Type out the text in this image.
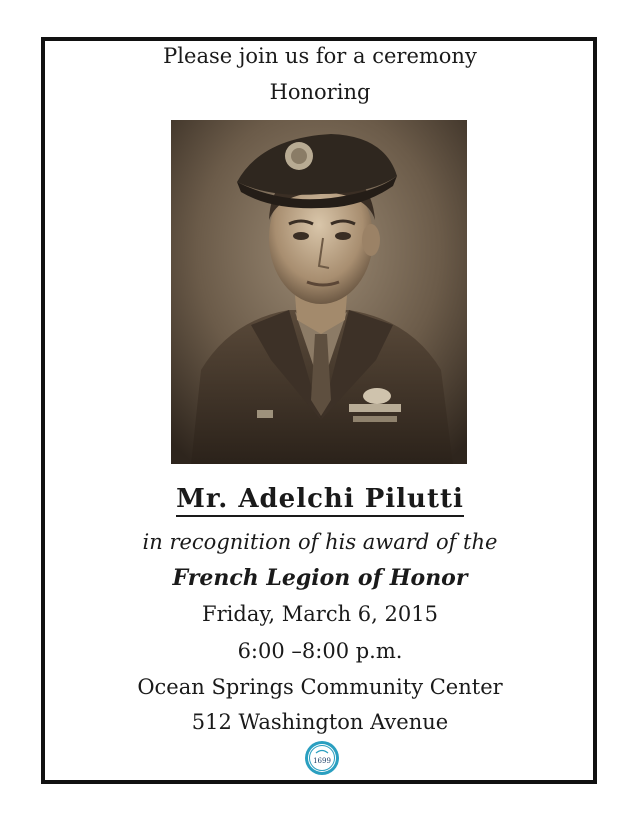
Please join us for a ceremony
Honoring
Mr. Adelchi Pilutti
in recognition of his award of the
French Legion of Honor
Friday, March 6, 2015
6:00 –8:00 p.m.
Ocean Springs Community Center
512 Washington Avenue
1699
